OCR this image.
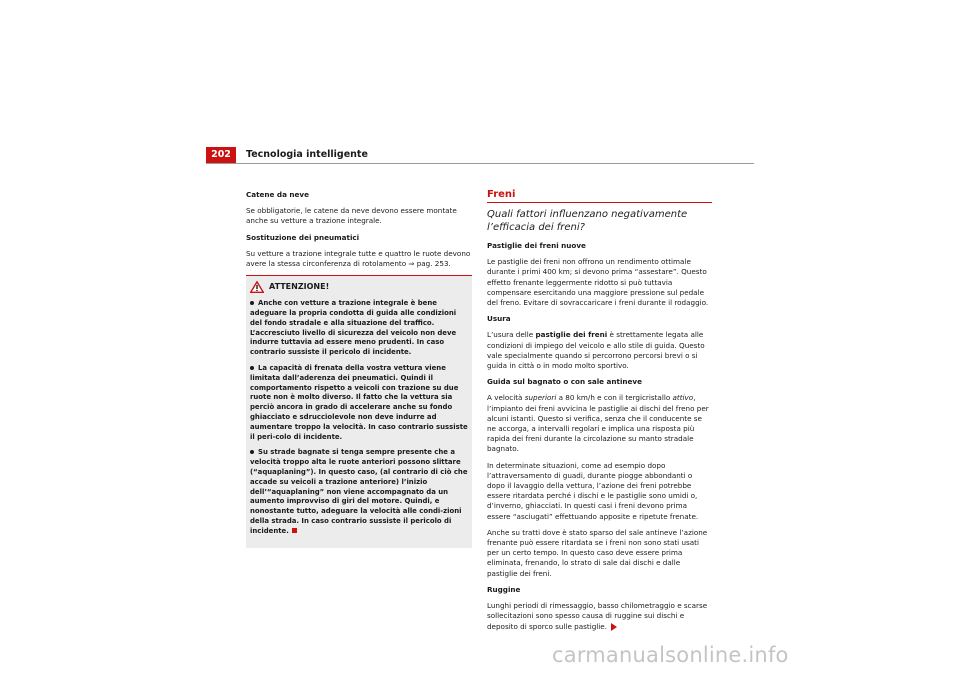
202	Tecnologia intelligente

Catene da neve

Se obbligatorie, le catene da neve devono essere montate anche su vetture a trazione integrale.

Sostituzione dei pneumatici

Su vetture a trazione integrale tutte e quattro le ruote devono avere la stessa circonferenza di rotolamento ⇒ pag. 253.

ATTENZIONE!

Anche con vetture a trazione integrale è bene adeguare la propria condotta di guida alle condizioni del fondo stradale e alla situazione del traffico. L’accresciuto livello di sicurezza del veicolo non deve indurre tuttavia ad essere meno prudenti. In caso contrario sussiste il pericolo di incidente.

La capacità di frenata della vostra vettura viene limitata dall’aderenza dei pneumatici. Quindi il comportamento rispetto a veicoli con trazione su due ruote non è molto diverso. Il fatto che la vettura sia perciò ancora in grado di accelerare anche su fondo ghiacciato e sdrucciolevole non deve indurre ad aumentare troppo la velocità. In caso contrario sussiste il peri-colo di incidente.

Su strade bagnate si tenga sempre presente che a velocità troppo alta le ruote anteriori possono slittare (“aquaplaning”). In questo caso, (al contrario di ciò che accade su veicoli a trazione anteriore) l’inizio dell’“aquaplaning” non viene accompagnato da un aumento improvviso di giri del motore. Quindi, e nonostante tutto, adeguare la velocità alle condi-zioni della strada. In caso contrario sussiste il pericolo di incidente.

Freni
Quali fattori influenzano negativamente l’efficacia dei freni?

Pastiglie dei freni nuove

Le pastiglie dei freni non offrono un rendimento ottimale durante i primi 400 km; si devono prima “assestare”. Questo effetto frenante leggermente ridotto si può tuttavia compensare esercitando una maggiore pressione sul pedale del freno. Evitare di sovraccaricare i freni durante il rodaggio.

Usura

L’usura delle pastiglie dei freni è strettamente legata alle condizioni di impiego del veicolo e allo stile di guida. Questo vale specialmente quando si percorrono percorsi brevi o si guida in città o in modo molto sportivo.

Guida sul bagnato o con sale antineve

A velocità superiori a 80 km/h e con il tergicristallo attivo, l’impianto dei freni avvicina le pastiglie ai dischi del freno per alcuni istanti. Questo si verifica, senza che il conducente se ne accorga, a intervalli regolari e implica una risposta più rapida dei freni durante la circolazione su manto stradale bagnato.

In determinate situazioni, come ad esempio dopo l’attraversamento di guadi, durante piogge abbondanti o dopo il lavaggio della vettura, l’azione dei freni potrebbe essere ritardata perché i dischi e le pastiglie sono umidi o, d’inverno, ghiacciati. In questi casi i freni devono prima essere “asciugati” effettuando apposite e ripetute frenate.

Anche su tratti dove è stato sparso del sale antineve l’azione frenante può essere ritardata se i freni non sono stati usati per un certo tempo. In questo caso deve essere prima eliminata, frenando, lo strato di sale dai dischi e dalle pastiglie dei freni.

Ruggine

Lunghi periodi di rimessaggio, basso chilometraggio e scarse sollecitazioni sono spesso causa di ruggine sui dischi e deposito di sporco sulle pastiglie.

carmanualsonline.info
